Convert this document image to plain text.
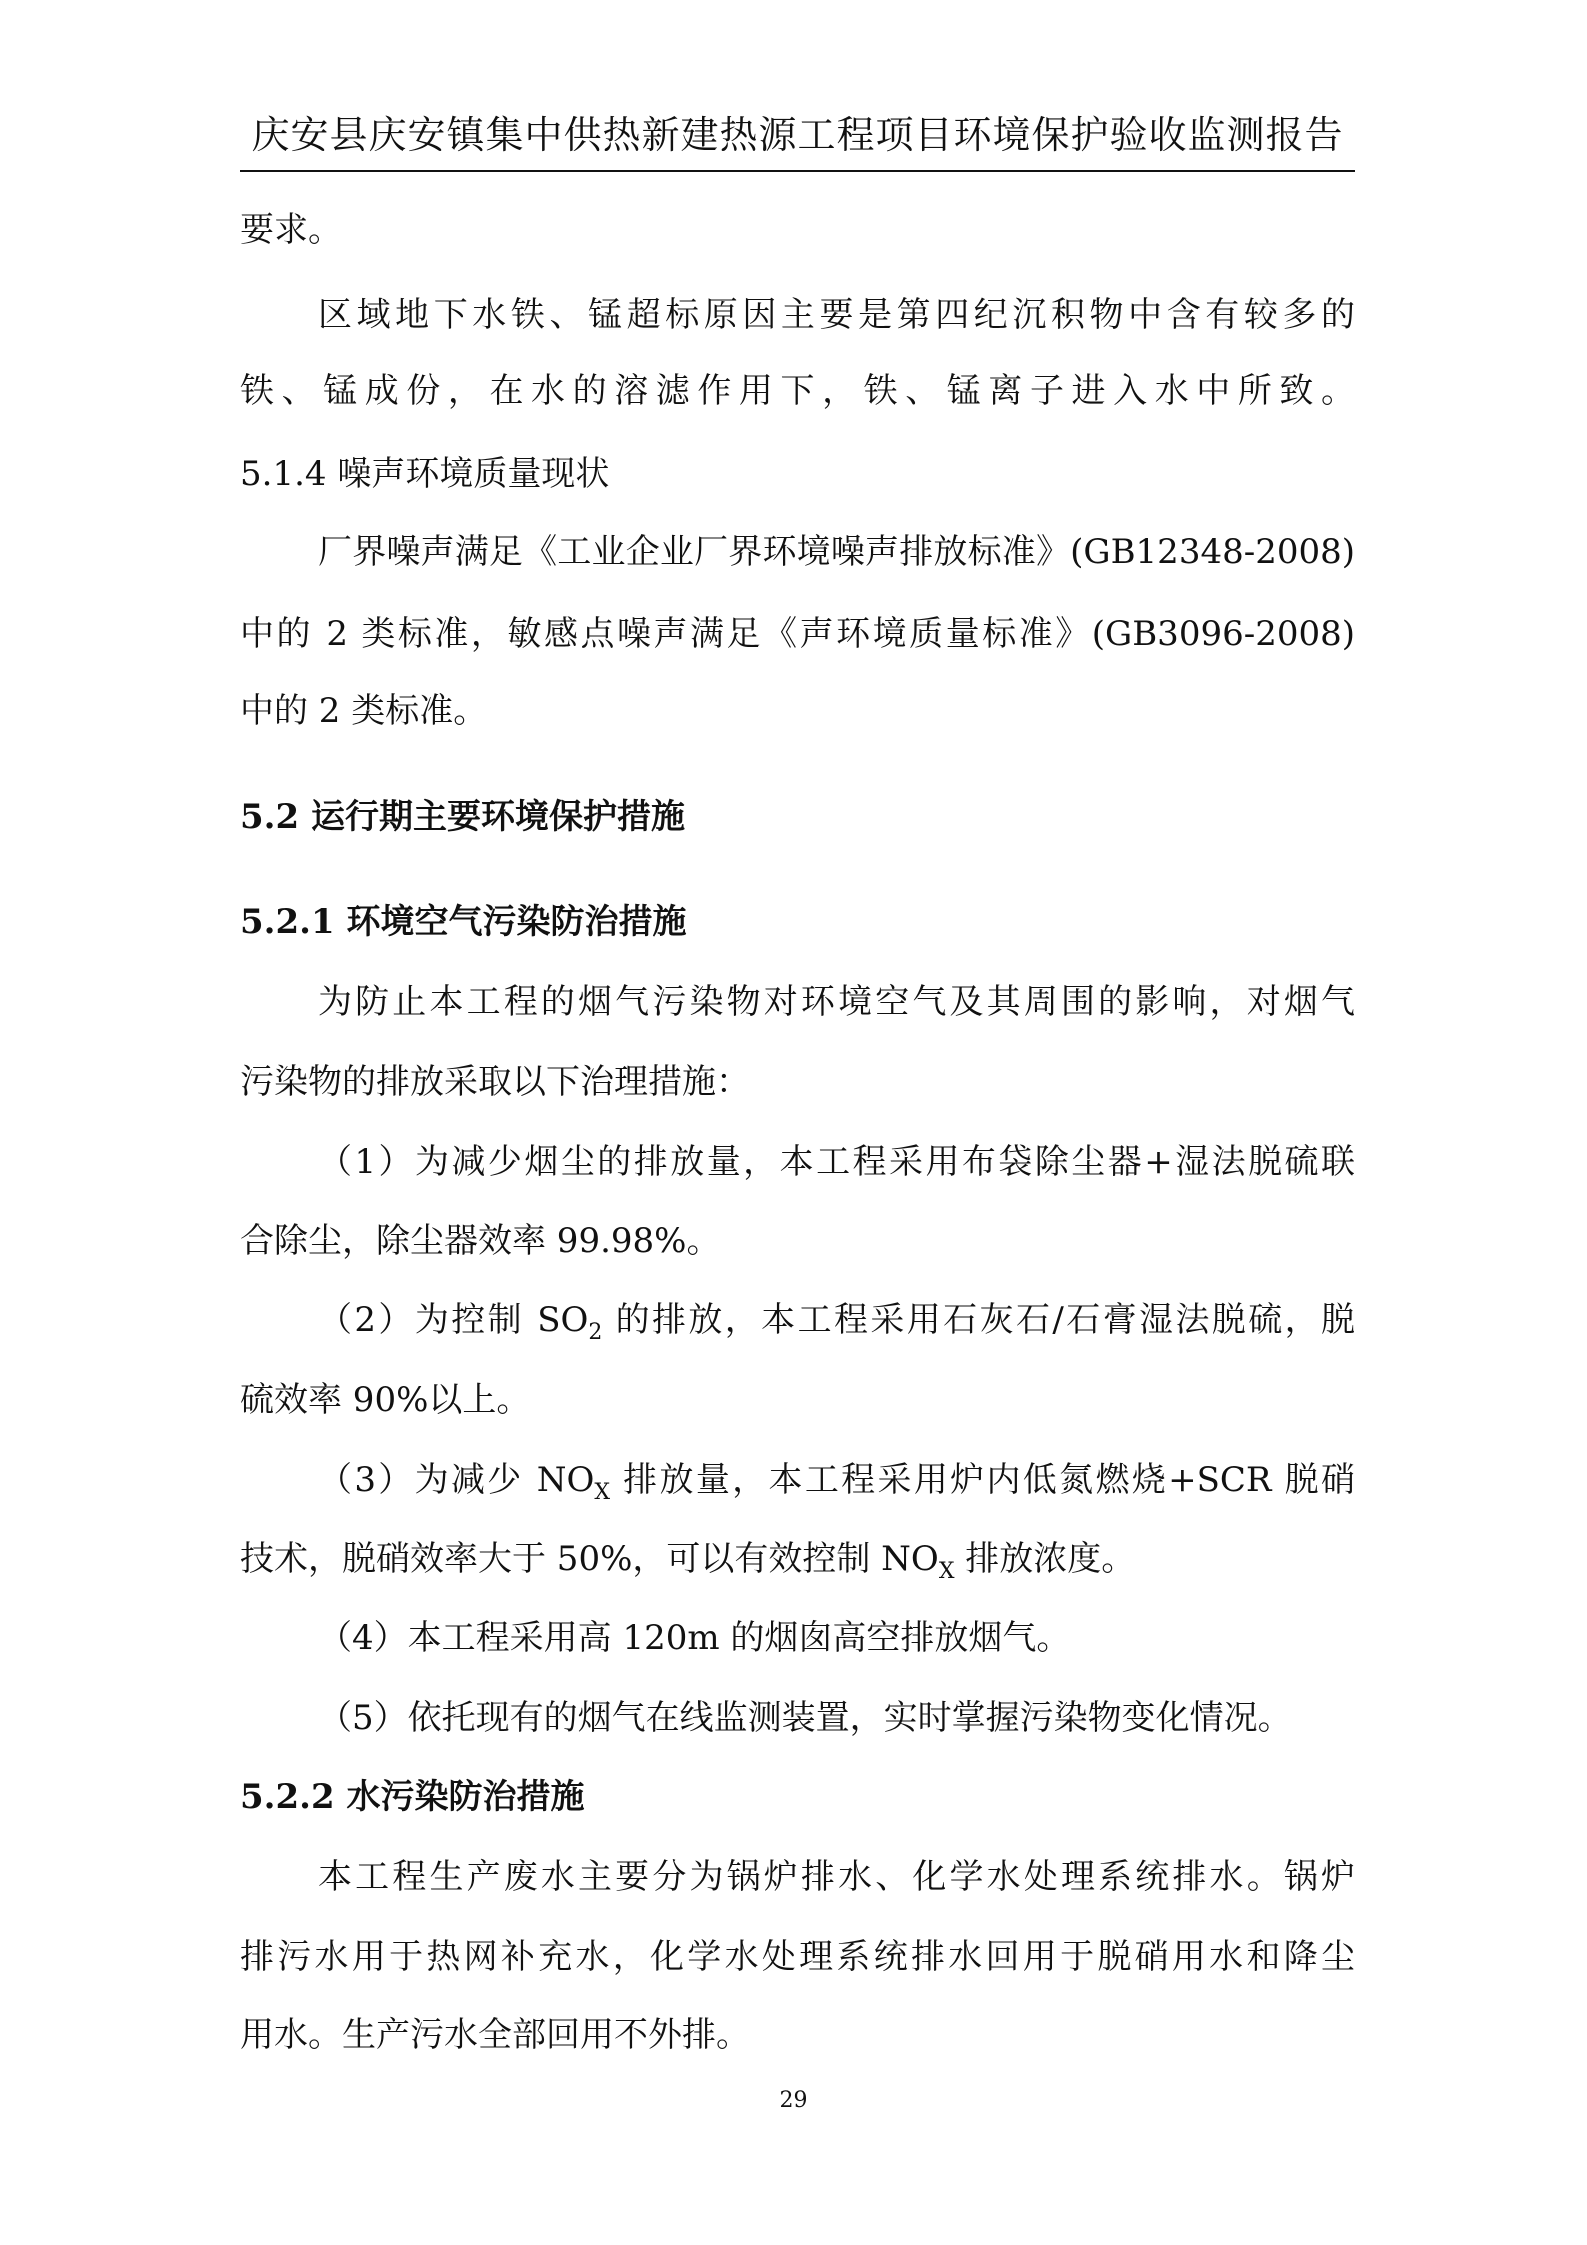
庆安县庆安镇集中供热新建热源工程项目环境保护验收监测报告
要求。
区域地下水铁、锰超标原因主要是第四纪沉积物中含有较多的
铁、锰成份，在水的溶滤作用下，铁、锰离子进入水中所致。
5.1.4 噪声环境质量现状
厂界噪声满足《工业企业厂界环境噪声排放标准》(GB12348-2008)
中的 2 类标准，敏感点噪声满足《声环境质量标准》(GB3096-2008)
中的 2 类标准。
5.2 运行期主要环境保护措施
5.2.1 环境空气污染防治措施
为防止本工程的烟气污染物对环境空气及其周围的影响，对烟气
污染物的排放采取以下治理措施：
（1）为减少烟尘的排放量，本工程采用布袋除尘器+湿法脱硫联
合除尘，除尘器效率 99.98%。
（2）为控制 $SO_2$ 的排放，本工程采用石灰石/石膏湿法脱硫，脱
硫效率 90%以上。
（3）为减少 $NO_X$ 排放量，本工程采用炉内低氮燃烧+SCR 脱硝
技术，脱硝效率大于 50%，可以有效控制 $NO_X$ 排放浓度。
（4）本工程采用高 120m 的烟囱高空排放烟气。
（5）依托现有的烟气在线监测装置，实时掌握污染物变化情况。
5.2.2 水污染防治措施
本工程生产废水主要分为锅炉排水、化学水处理系统排水。锅炉
排污水用于热网补充水，化学水处理系统排水回用于脱硝用水和降尘
用水。生产污水全部回用不外排。
29
